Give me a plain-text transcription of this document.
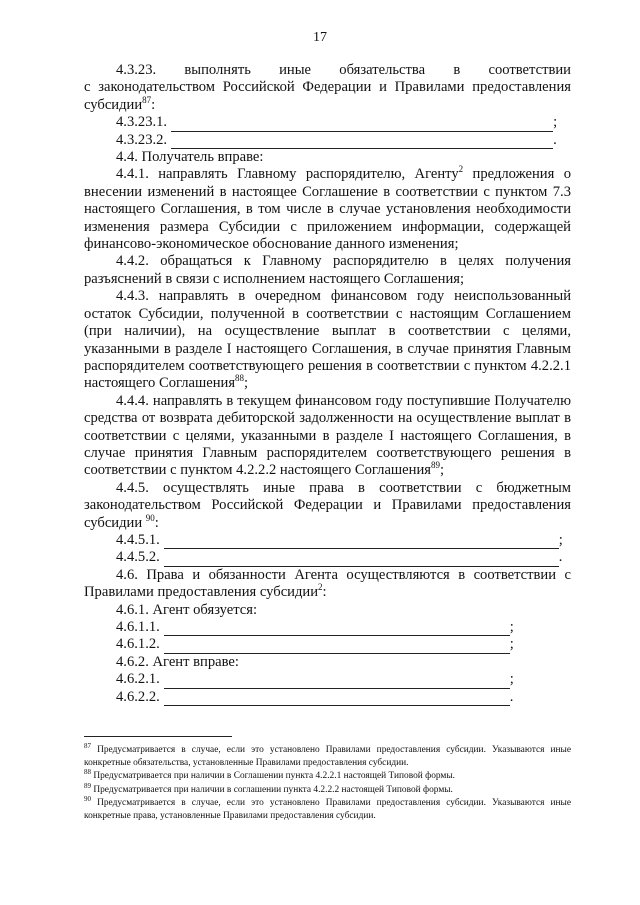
17
4.3.23. выполнять иные обязательства в соответствии
с законодательством Российской Федерации и Правилами предоставления
субсидии$^{87}$:
4.3.23.1.	;
4.3.23.2.	.
4.4. Получатель вправе:

4.4.1. направлять Главному распорядителю, Агенту$^2$ предложения о внесении изменений в настоящее Соглашение в соответствии с пунктом 7.3 настоящего Соглашения, в том числе в случае установления необходимости изменения размера Субсидии с приложением информации, содержащей финансово-экономическое обоснование данного изменения;

4.4.2. обращаться к Главному распорядителю в целях получения разъяснений в связи с исполнением настоящего Соглашения;

4.4.3. направлять в очередном финансовом году неиспользованный остаток Субсидии, полученной в соответствии с настоящим Соглашением (при наличии), на осуществление выплат в соответствии с целями, указанными в разделе I настоящего Соглашения, в случае принятия Главным распорядителем соответствующего решения в соответствии с пунктом 4.2.2.1 настоящего Соглашения$^{88}$;

4.4.4. направлять в текущем финансовом году поступившие Получателю средства от возврата дебиторской задолженности на осуществление выплат в соответствии с целями, указанными в разделе I настоящего Соглашения, в случае принятия Главным распорядителем соответствующего решения в соответствии с пунктом 4.2.2.2 настоящего Соглашения$^{89}$;

4.4.5. осуществлять иные права в соответствии с бюджетным законодательством Российской Федерации и Правилами предоставления субсидии $^{90}$:

4.4.5.1.	;
4.4.5.2.	.

4.6. Права и обязанности Агента осуществляются в соответствии с Правилами предоставления субсидии$^2$:

4.6.1. Агент обязуется:
4.6.1.1.	;
4.6.1.2.	;
4.6.2. Агент вправе:
4.6.2.1.	;
4.6.2.2.	.

$^{87}$ Предусматривается в случае, если это установлено Правилами предоставления субсидии. Указываются иные конкретные обязательства, установленные Правилами предоставления субсидии.

$^{88}$ Предусматривается при наличии в Соглашении пункта 4.2.2.1 настоящей Типовой формы.

$^{89}$ Предусматривается при наличии в соглашении пункта 4.2.2.2 настоящей Типовой формы.

$^{90}$ Предусматривается в случае, если это установлено Правилами предоставления субсидии. Указываются иные конкретные права, установленные Правилами предоставления субсидии.
